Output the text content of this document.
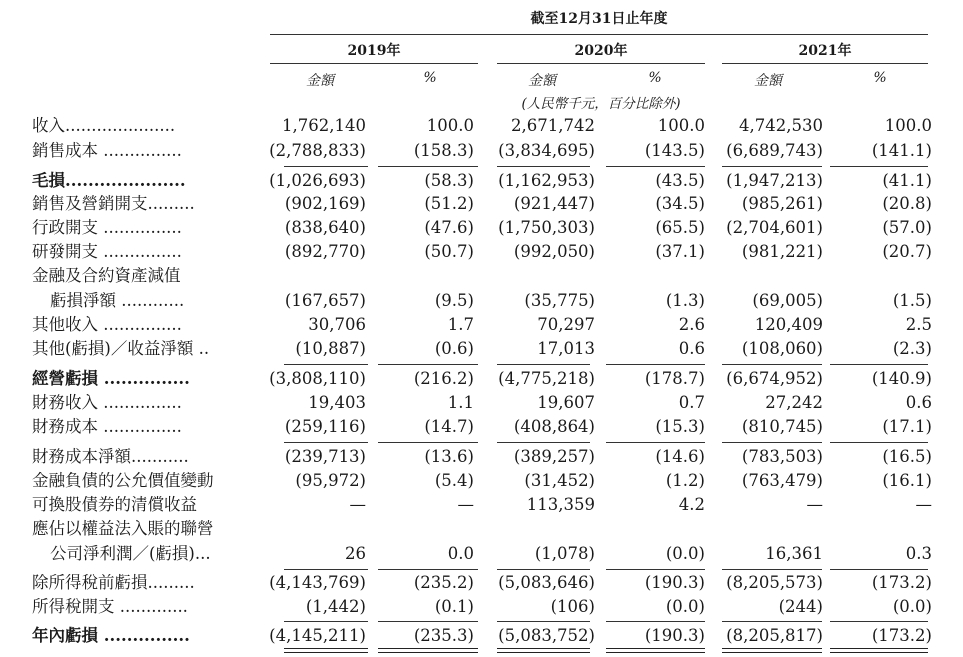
截至12月31日止年度
2019年	2020年	2021年
金額	%	金額	%	金額	%
(人民幣千元，百分比除外)
收入.....................	1,762,140	100.0 2,671,742	100.0 4,742,530	100.0
銷售成本 ...............	(2,788,833)	(158.3) (3,834,695)	(143.5) (6,689,743)	(141.1)
毛損.....................	(1,026,693)	(58.3) (1,162,953)	(43.5) (1,947,213)	(41.1)
銷售及營銷開支.........	(902,169)	(51.2) (921,447)	(34.5) (985,261)	(20.8)
行政開支 ...............	(838,640)	(47.6) (1,750,303)	(65.5) (2,704,601)	(57.0)
研發開支 ...............	(892,770)	(50.7) (992,050)	(37.1) (981,221)	(20.7)
金融及合約資產減值
虧損淨額 ............	(167,657)	(9.5)	(35,775)	(1.3)	(69,005)	(1.5)
其他收入 ...............	30,706	1.7	70,297	2.6	120,409	2.5
其他(虧損)／收益淨額 ..	(10,887)	(0.6)	17,013	0.6 (108,060)	(2.3)
經營虧損 ...............	(3,808,110)	(216.2) (4,775,218)	(178.7) (6,674,952)	(140.9)
財務收入 ...............	19,403	1.1	19,607	0.7	27,242	0.6
財務成本 ...............	(259,116)	(14.7) (408,864)	(15.3) (810,745)	(17.1)
財務成本淨額...........	(239,713)	(13.6) (389,257)	(14.6) (783,503)	(16.5)
金融負債的公允價值變動	(95,972)	(5.4)	(31,452)	(1.2) (763,479)	(16.1)
可換股債券的清償收益	—	—	113,359	4.2	—	—
應佔以權益法入賬的聯營
公司淨利潤／(虧損)...	26	0.0	(1,078)	(0.0)	16,361	0.3
除所得稅前虧損.........	(4,143,769)	(235.2) (5,083,646)	(190.3) (8,205,573)	(173.2)
所得稅開支 .............	(1,442)	(0.1)	(106)	(0.0)	(244)	(0.0)
年內虧損 ...............	(4,145,211)	(235.3) (5,083,752)	(190.3) (8,205,817)	(173.2)
